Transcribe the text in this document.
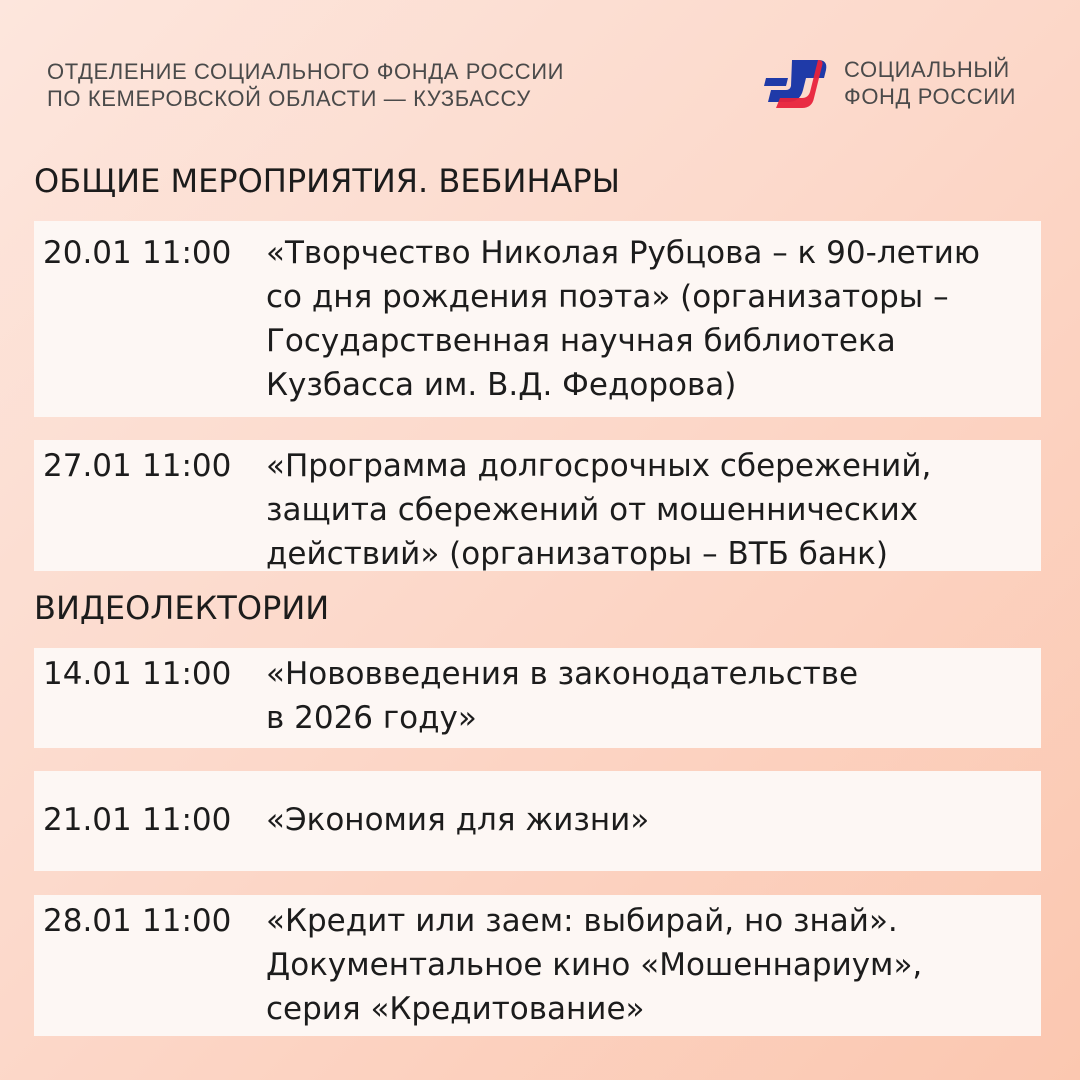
ОТДЕЛЕНИЕ СОЦИАЛЬНОГО ФОНДА РОССИИ
ПО КЕМЕРОВСКОЙ ОБЛАСТИ — КУЗБАССУ
СОЦИАЛЬНЫЙ
ФОНД РОССИИ
ОБЩИЕ МЕРОПРИЯТИЯ. ВЕБИНАРЫ
20.01 11:00 «Творчество Николая Рубцова – к 90-летию
со дня рождения поэта» (организаторы –
Государственная научная библиотека
Кузбасса им. В.Д. Федорова)
27.01 11:00 «Программа долгосрочных сбережений,
защита сбережений от мошеннических
действий» (организаторы – ВТБ банк)
ВИДЕОЛЕКТОРИИ
14.01 11:00 «Нововведения в законодательстве
в 2026 году»
21.01 11:00 «Экономия для жизни»
28.01 11:00 «Кредит или заем: выбирай, но знай».
Документальное кино «Мошеннариум»,
серия «Кредитование»
